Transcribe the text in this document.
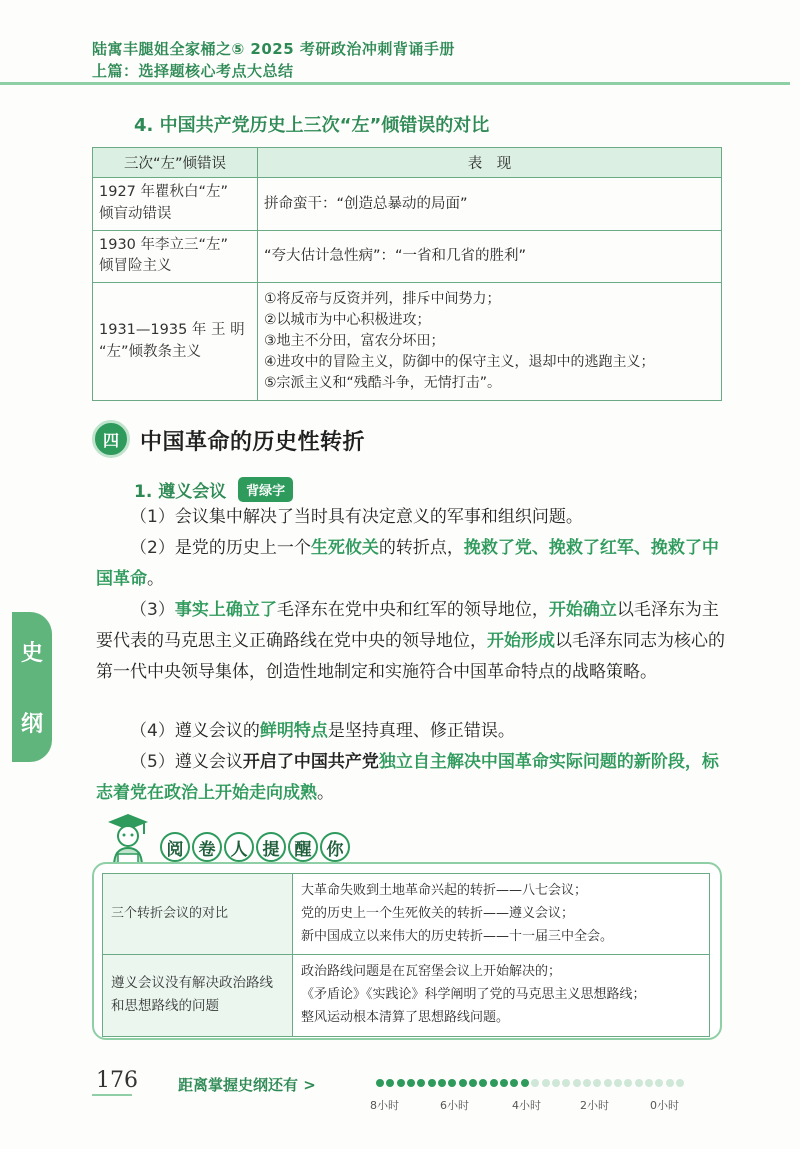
陆寓丰腿姐全家桶之⑤ 2025 考研政治冲刺背诵手册
上篇：选择题核心考点大总结
史
纲
4. 中国共产党历史上三次“左”倾错误的对比
三次“左”倾错误	表　现

1927 年瞿秋白“左”
倾盲动错误	拼命蛮干：“创造总暴动的局面”

1930 年李立三“左”
倾冒险主义	“夸大估计急性病”：“一省和几省的胜利”

1931—1935 年 王 明
“左”倾教条主义	①将反帝与反资并列，排斥中间势力；
②以城市为中心积极进攻；
③地主不分田，富农分坏田；
④进攻中的冒险主义，防御中的保守主义，退却中的逃跑主义；
⑤宗派主义和“残酷斗争，无情打击”。
四 中国革命的历史性转折
1. 遵义会议 背绿字
（1）会议集中解决了当时具有决定意义的军事和组织问题。
（2）是党的历史上一个生死攸关的转折点，挽救了党、挽救了红军、挽救了中国革命。
（3）事实上确立了毛泽东在党中央和红军的领导地位，开始确立以毛泽东为主要代表的马克思主义正确路线在党中央的领导地位，开始形成以毛泽东同志为核心的第一代中央领导集体，创造性地制定和实施符合中国革命特点的战略策略。
（4）遵义会议的鲜明特点是坚持真理、修正错误。
（5）遵义会议开启了中国共产党独立自主解决中国革命实际问题的新阶段，标志着党在政治上开始走向成熟。
阅 卷 人 提 醒 你
三个转折会议的对比	大革命失败到土地革命兴起的转折——八七会议；
党的历史上一个生死攸关的转折——遵义会议；
新中国成立以来伟大的历史转折——十一届三中全会。

遵义会议没有解决政治路线和思想路线的问题	政治路线问题是在瓦窑堡会议上开始解决的；
《矛盾论》《实践论》科学阐明了党的马克思主义思想路线；
整风运动根本清算了思想路线问题。
176	距离掌握史纲还有 >
8小时	6小时	4小时	2小时	0小时
